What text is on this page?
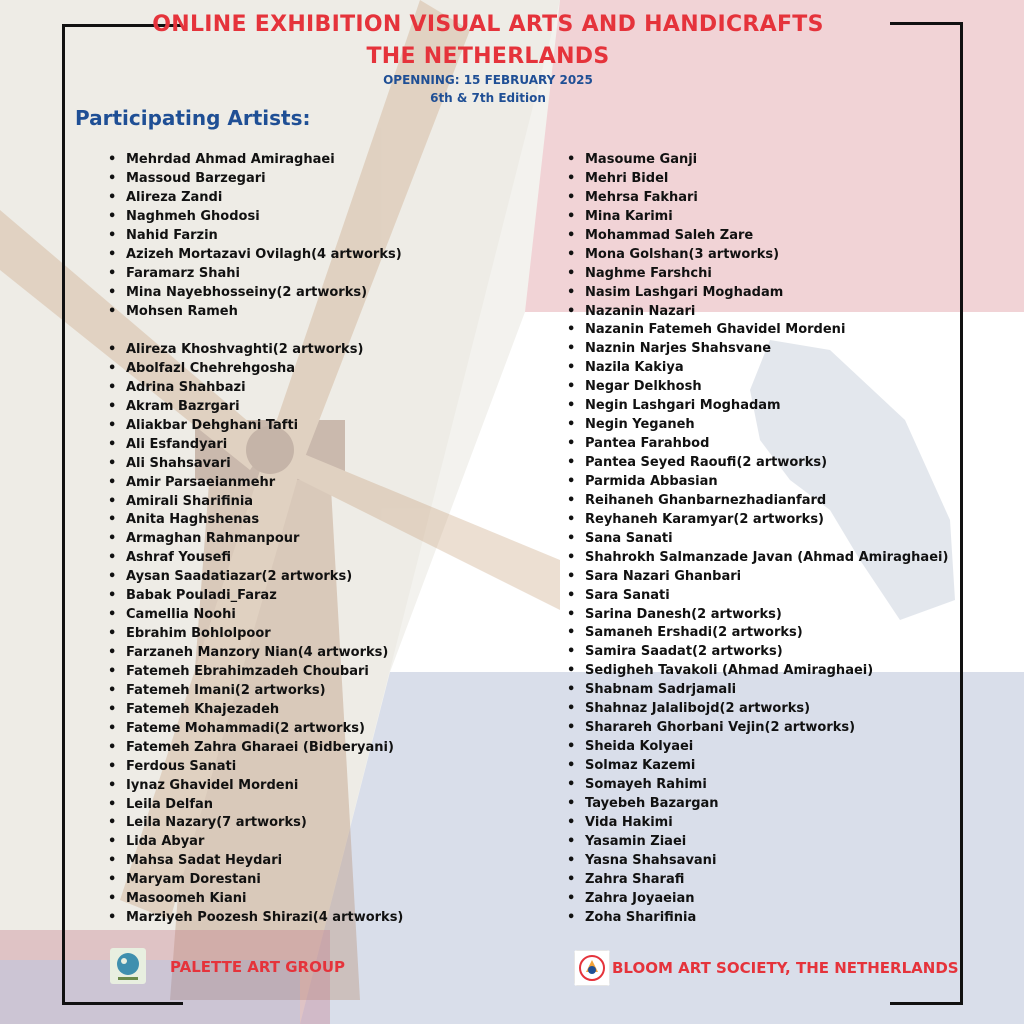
ONLINE EXHIBITION VISUAL ARTS AND HANDICRAFTS
THE NETHERLANDS
OPENNING: 15 FEBRUARY 2025
6th & 7th Edition
Participating Artists:
• Mehrdad Ahmad Amiraghaei
• Massoud Barzegari
• Alireza Zandi
• Naghmeh Ghodosi
• Nahid Farzin
• Azizeh Mortazavi Ovilagh(4 artworks)
• Faramarz Shahi
• Mina Nayebhosseiny(2 artworks)
• Mohsen Rameh
• Alireza Khoshvaghti(2 artworks)
• Abolfazl Chehrehgosha
• Adrina Shahbazi
• Akram Bazrgari
• Aliakbar Dehghani Tafti
• Ali Esfandyari
• Ali Shahsavari
• Amir Parsaeianmehr
• Amirali Sharifinia
• Anita Haghshenas
• Armaghan Rahmanpour
• Ashraf Yousefi
• Aysan Saadatiazar(2 artworks)
• Babak Pouladi_Faraz
• Camellia Noohi
• Ebrahim Bohlolpoor
• Farzaneh Manzory Nian(4 artworks)
• Fatemeh Ebrahimzadeh Choubari
• Fatemeh Imani(2 artworks)
• Fatemeh Khajezadeh
• Fateme Mohammadi(2 artworks)
• Fatemeh Zahra Gharaei (Bidberyani)
• Ferdous Sanati
• Iynaz Ghavidel Mordeni
• Leila Delfan
• Leila Nazary(7 artworks)
• Lida Abyar
• Mahsa Sadat Heydari
• Maryam Dorestani
• Masoomeh Kiani
• Marziyeh Poozesh Shirazi(4 artworks)
• Masoume Ganji
• Mehri Bidel
• Mehrsa Fakhari
• Mina Karimi
• Mohammad Saleh Zare
• Mona Golshan(3 artworks)
• Naghme Farshchi
• Nasim Lashgari Moghadam
• Nazanin Nazari
• Nazanin Fatemeh Ghavidel Mordeni
• Naznin Narjes Shahsvane
• Nazila Kakiya
• Negar Delkhosh
• Negin Lashgari Moghadam
• Negin Yeganeh
• Pantea Farahbod
• Pantea Seyed Raoufi(2 artworks)
• Parmida Abbasian
• Reihaneh Ghanbarnezhadianfard
• Reyhaneh Karamyar(2 artworks)
• Sana Sanati
• Shahrokh Salmanzade Javan (Ahmad Amiraghaei)
• Sara Nazari Ghanbari
• Sara Sanati
• Sarina Danesh(2 artworks)
• Samaneh Ershadi(2 artworks)
• Samira Saadat(2 artworks)
• Sedigheh Tavakoli (Ahmad Amiraghaei)
• Shabnam Sadrjamali
• Shahnaz Jalalibojd(2 artworks)
• Sharareh Ghorbani Vejin(2 artworks)
• Sheida Kolyaei
• Solmaz Kazemi
• Somayeh Rahimi
• Tayebeh Bazargan
• Vida Hakimi
• Yasamin Ziaei
• Yasna Shahsavani
• Zahra Sharafi
• Zahra Joyaeian
• Zoha Sharifinia
PALETTE ART GROUP	BLOOM ART SOCIETY, THE NETHERLANDS
